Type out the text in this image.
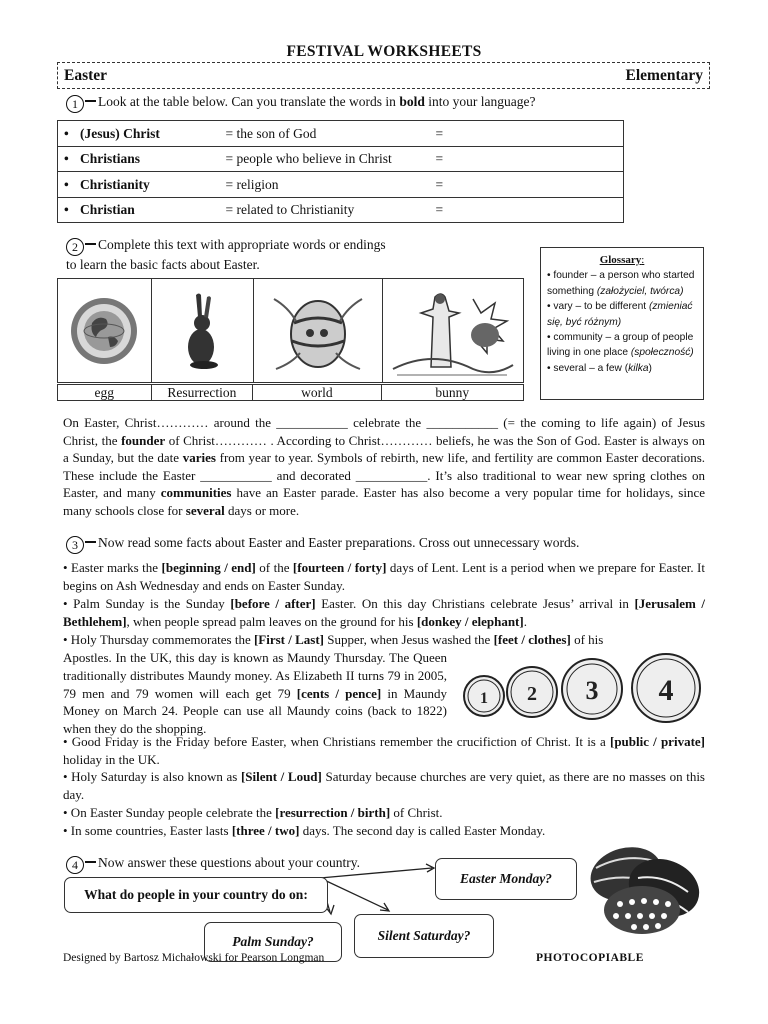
FESTIVAL WORKSHEETS
Easter	Elementary
1 Look at the table below. Can you translate the words in bold into your language?
• (Jesus) Christ	= the son of God	=
• Christians	= people who believe in Christ	=
• Christianity	= religion	=
• Christian	= related to Christianity	=
2 Complete this text with appropriate words or endings
to learn the basic facts about Easter.
egg	Resurrection	world	bunny
Glossary:
• founder – a person who started something (założyciel, twórca)
• vary – to be different (zmieniać się, być różnym)
• community – a group of people living in one place (społeczność)
• several – a few (kilka)
On Easter, Christ………… around the ___________ celebrate the ___________ (= the coming to life again) of Jesus Christ, the founder of Christ………… . According to Christ………… beliefs, he was the Son of God. Easter is always on a Sunday, but the date varies from year to year. Symbols of rebirth, new life, and fertility are common Easter decorations. These include the Easter ___________ and decorated ___________. It’s also traditional to wear new spring clothes on Easter, and many communities have an Easter parade. Easter has also become a very popular time for holidays, since many schools close for several days or more.
3 Now read some facts about Easter and Easter preparations. Cross out unnecessary words.
• Easter marks the [beginning / end] of the [fourteen / forty] days of Lent. Lent is a period when we prepare for Easter. It begins on Ash Wednesday and ends on Easter Sunday.
• Palm Sunday is the Sunday [before / after] Easter. On this day Christians celebrate Jesus’ arrival in [Jerusalem / Bethlehem], when people spread palm leaves on the ground for his [donkey / elephant].
• Holy Thursday commemorates the [First / Last] Supper, when Jesus washed the [feet / clothes] of his
Apostles. In the UK, this day is known as Maundy Thursday. The Queen traditionally distributes Maundy money. As Elizabeth II turns 79 in 2005, 79 men and 79 women will each get 79 [cents / pence] in Maundy Money on March 24. People can use all Maundy coins (back to 1822) when they do the shopping.
1 2 3 4
• Good Friday is the Friday before Easter, when Christians remember the crucifiction of Christ. It is a [public / private] holiday in the UK.
• Holy Saturday is also known as [Silent / Loud] Saturday because churches are very quiet, as there are no masses on this day.
• On Easter Sunday people celebrate the [resurrection / birth] of Christ.
• In some countries, Easter lasts [three / two] days. The second day is called Easter Monday.
4 Now answer these questions about your country.
What do people in your country do on:
Easter Monday?
Palm Sunday?	Silent Saturday?
Designed by Bartosz Michałowski for Pearson Longman	PHOTOCOPIABLE
